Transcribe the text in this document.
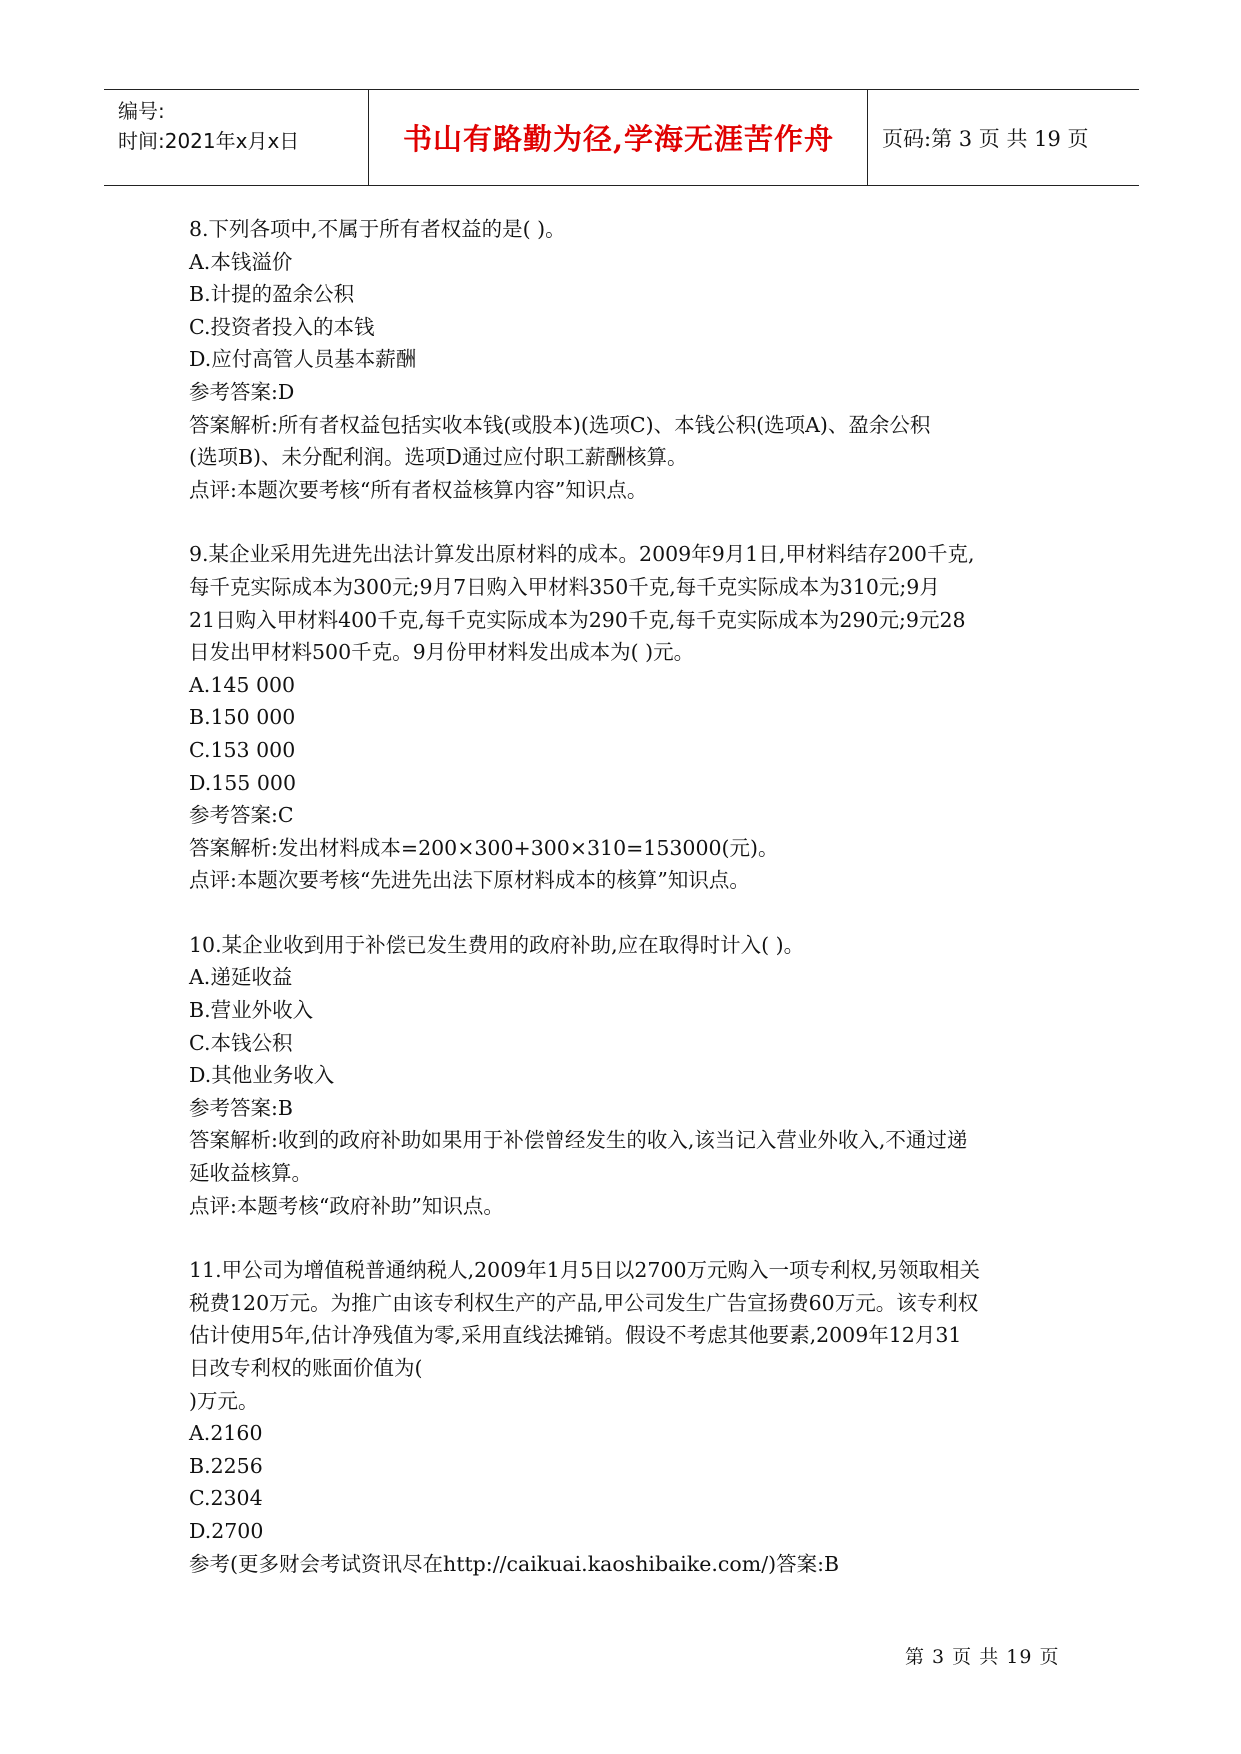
编号:
时间:2021年x月x日	书山有路勤为径,学海无涯苦作舟	页码:第 3 页 共 19 页
8.下列各项中,不属于所有者权益的是( )。
A.本钱溢价
B.计提的盈余公积
C.投资者投入的本钱
D.应付高管人员基本薪酬
参考答案:D
答案解析:所有者权益包括实收本钱(或股本)(选项C)、本钱公积(选项A)、盈余公积
(选项B)、未分配利润。选项D通过应付职工薪酬核算。
点评:本题次要考核“所有者权益核算内容”知识点。
9.某企业采用先进先出法计算发出原材料的成本。2009年9月1日,甲材料结存200千克,
每千克实际成本为300元;9月7日购入甲材料350千克,每千克实际成本为310元;9月
21日购入甲材料400千克,每千克实际成本为290千克,每千克实际成本为290元;9元28
日发出甲材料500千克。9月份甲材料发出成本为( )元。
A.145 000
B.150 000
C.153 000
D.155 000
参考答案:C
答案解析:发出材料成本=200×300+300×310=153000(元)。
点评:本题次要考核“先进先出法下原材料成本的核算”知识点。
10.某企业收到用于补偿已发生费用的政府补助,应在取得时计入( )。
A.递延收益
B.营业外收入
C.本钱公积
D.其他业务收入
参考答案:B
答案解析:收到的政府补助如果用于补偿曾经发生的收入,该当记入营业外收入,不通过递
延收益核算。
点评:本题考核“政府补助”知识点。
11.甲公司为增值税普通纳税人,2009年1月5日以2700万元购入一项专利权,另领取相关
税费120万元。为推广由该专利权生产的产品,甲公司发生广告宣扬费60万元。该专利权
估计使用5年,估计净残值为零,采用直线法摊销。假设不考虑其他要素,2009年12月31
日改专利权的账面价值为(
)万元。
A.2160
B.2256
C.2304
D.2700
参考(更多财会考试资讯尽在http://caikuai.kaoshibaike.com/)答案:B
第 3 页 共 19 页
